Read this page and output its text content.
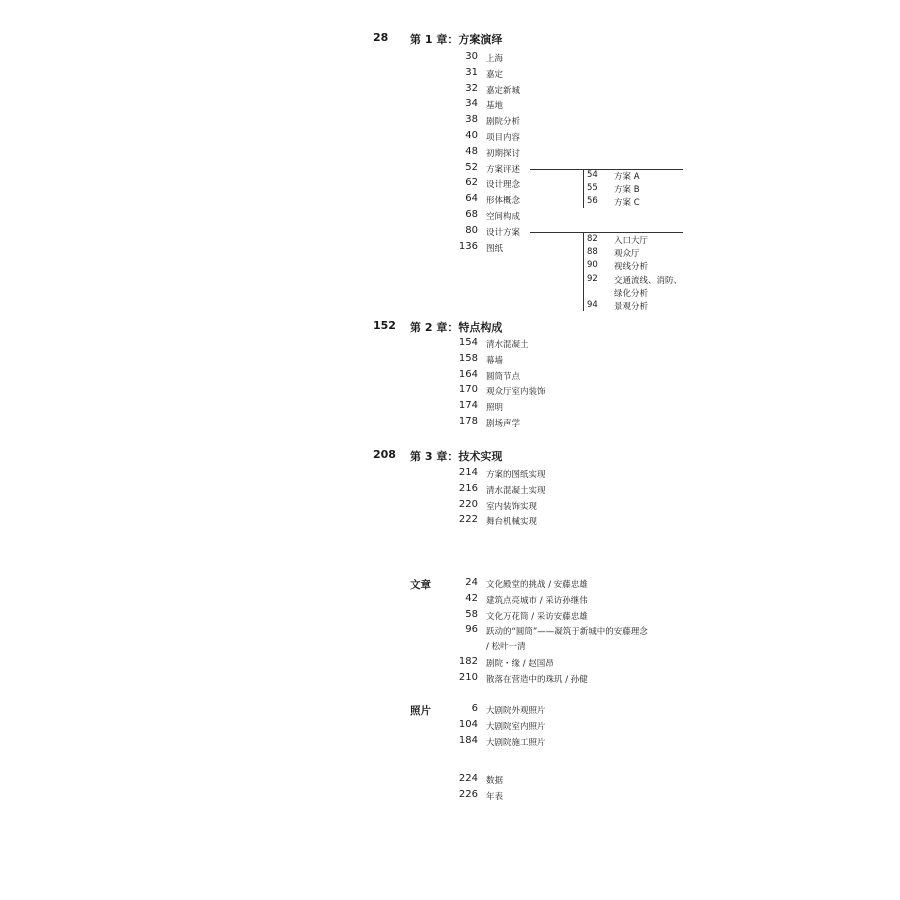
28 第 1 章：方案演绎
30 上海
31 嘉定
32 嘉定新城
34 基地
38 剧院分析
40 项目内容
48 初期探讨
52 方案评述
62 设计理念
64 形体概念
68 空间构成
80 设计方案
136 图纸
152 第 2 章：特点构成
154 清水混凝土
158 幕墙
164 圆筒节点
170 观众厅室内装饰
174 照明
178 剧场声学
208 第 3 章：技术实现
214 方案的图纸实现
216 清水混凝土实现
220 室内装饰实现
222 舞台机械实现
54 方案 A
55 方案 B
56 方案 C
82 入口大厅
88 观众厅
90 视线分析
92 交通流线、消防、
绿化分析
94 景观分析
文章	24 文化殿堂的挑战 / 安藤忠雄
42 建筑点亮城市 / 采访孙继伟
58 文化万花筒 / 采访安藤忠雄
96 跃动的“圆筒”——凝筑于新城中的安藤理念
/ 松叶一清
182 剧院・缘 / 赵国昂
210 散落在营造中的珠玑 / 孙健
照片	6 大剧院外观照片
104 大剧院室内照片
184 大剧院施工照片
224 数据
226 年表
